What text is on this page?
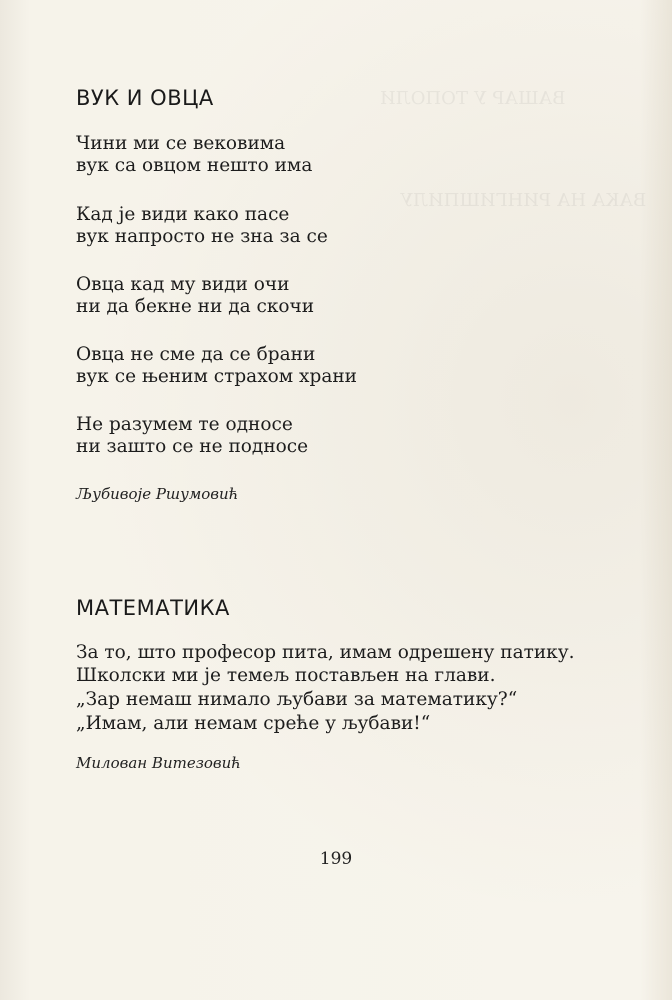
ВАШАР У ТОПОЛИ
ВАКА НА РИНГИШПИЛУ
ВУК И ОВЦА
Чини ми се вековима
вук са овцом нешто има
Кад је види како пасе
вук напросто не зна за се
Овца кад му види очи
ни да бекне ни да скочи
Овца не сме да се брани
вук се њеним страхом храни
Не разумем те односе
ни зашто се не подносе
Љубивоје Ршумовић
МАТЕМАТИКА
За то, што професор пита, имам одрешену патику.
Школски ми је темељ постављен на глави.
„Зар немаш нимало љубави за математику?“
„Имам, али немам среће у љубави!“
Милован Витезовић
199
